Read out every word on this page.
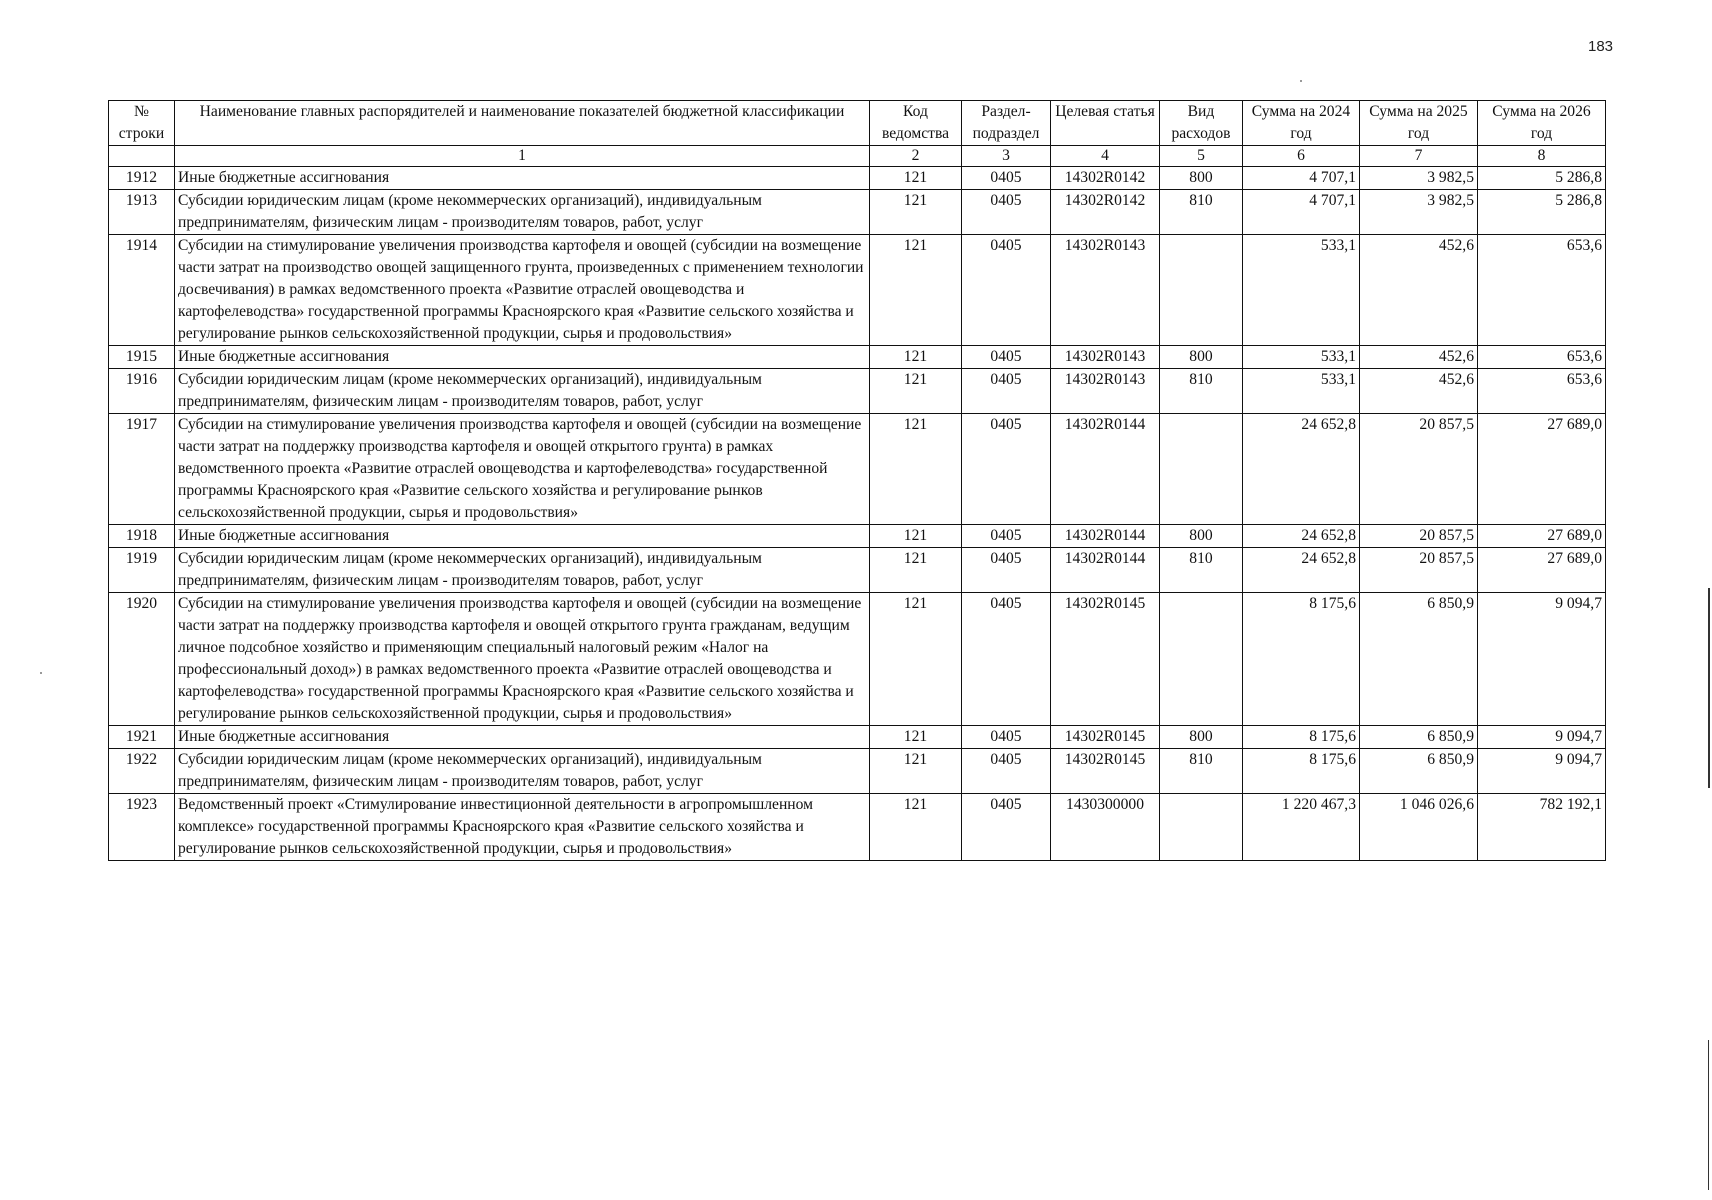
183
№ строки	Наименование главных распорядителей и наименование показателей бюджетной классификации	Код ведомства	Раздел-подраздел	Целевая статья	Вид расходов	Сумма на 2024 год	Сумма на 2025 год	Сумма на 2026 год
	1	2	3	4	5	6	7	8
1912	Иные бюджетные ассигнования	121	0405	14302R0142	800	4 707,1	3 982,5	5 286,8
1913	Субсидии юридическим лицам (кроме некоммерческих организаций), индивидуальным предпринимателям, физическим лицам - производителям товаров, работ, услуг	121	0405	14302R0142	810	4 707,1	3 982,5	5 286,8
1914	Субсидии на стимулирование увеличения производства картофеля и овощей (субсидии на возмещение части затрат на производство овощей защищенного грунта, произведенных с применением технологии досвечивания) в рамках ведомственного проекта «Развитие отраслей овощеводства и картофелеводства» государственной программы Красноярского края «Развитие сельского хозяйства и регулирование рынков сельскохозяйственной продукции, сырья и продовольствия»	121	0405	14302R0143		533,1	452,6	653,6
1915	Иные бюджетные ассигнования	121	0405	14302R0143	800	533,1	452,6	653,6
1916	Субсидии юридическим лицам (кроме некоммерческих организаций), индивидуальным предпринимателям, физическим лицам - производителям товаров, работ, услуг	121	0405	14302R0143	810	533,1	452,6	653,6
1917	Субсидии на стимулирование увеличения производства картофеля и овощей (субсидии на возмещение части затрат на поддержку производства картофеля и овощей открытого грунта) в рамках ведомственного проекта «Развитие отраслей овощеводства и картофелеводства» государственной программы Красноярского края «Развитие сельского хозяйства и регулирование рынков сельскохозяйственной продукции, сырья и продовольствия»	121	0405	14302R0144		24 652,8	20 857,5	27 689,0
1918	Иные бюджетные ассигнования	121	0405	14302R0144	800	24 652,8	20 857,5	27 689,0
1919	Субсидии юридическим лицам (кроме некоммерческих организаций), индивидуальным предпринимателям, физическим лицам - производителям товаров, работ, услуг	121	0405	14302R0144	810	24 652,8	20 857,5	27 689,0
1920	Субсидии на стимулирование увеличения производства картофеля и овощей (субсидии на возмещение части затрат на поддержку производства картофеля и овощей открытого грунта гражданам, ведущим личное подсобное хозяйство и применяющим специальный налоговый режим «Налог на профессиональный доход») в рамках ведомственного проекта «Развитие отраслей овощеводства и картофелеводства» государственной программы Красноярского края «Развитие сельского хозяйства и регулирование рынков сельскохозяйственной продукции, сырья и продовольствия»	121	0405	14302R0145		8 175,6	6 850,9	9 094,7
1921	Иные бюджетные ассигнования	121	0405	14302R0145	800	8 175,6	6 850,9	9 094,7
1922	Субсидии юридическим лицам (кроме некоммерческих организаций), индивидуальным предпринимателям, физическим лицам - производителям товаров, работ, услуг	121	0405	14302R0145	810	8 175,6	6 850,9	9 094,7
1923	Ведомственный проект «Стимулирование инвестиционной деятельности в агропромышленном комплексе» государственной программы Красноярского края «Развитие сельского хозяйства и регулирование рынков сельскохозяйственной продукции, сырья и продовольствия»	121	0405	1430300000		1 220 467,3	1 046 026,6	782 192,1
